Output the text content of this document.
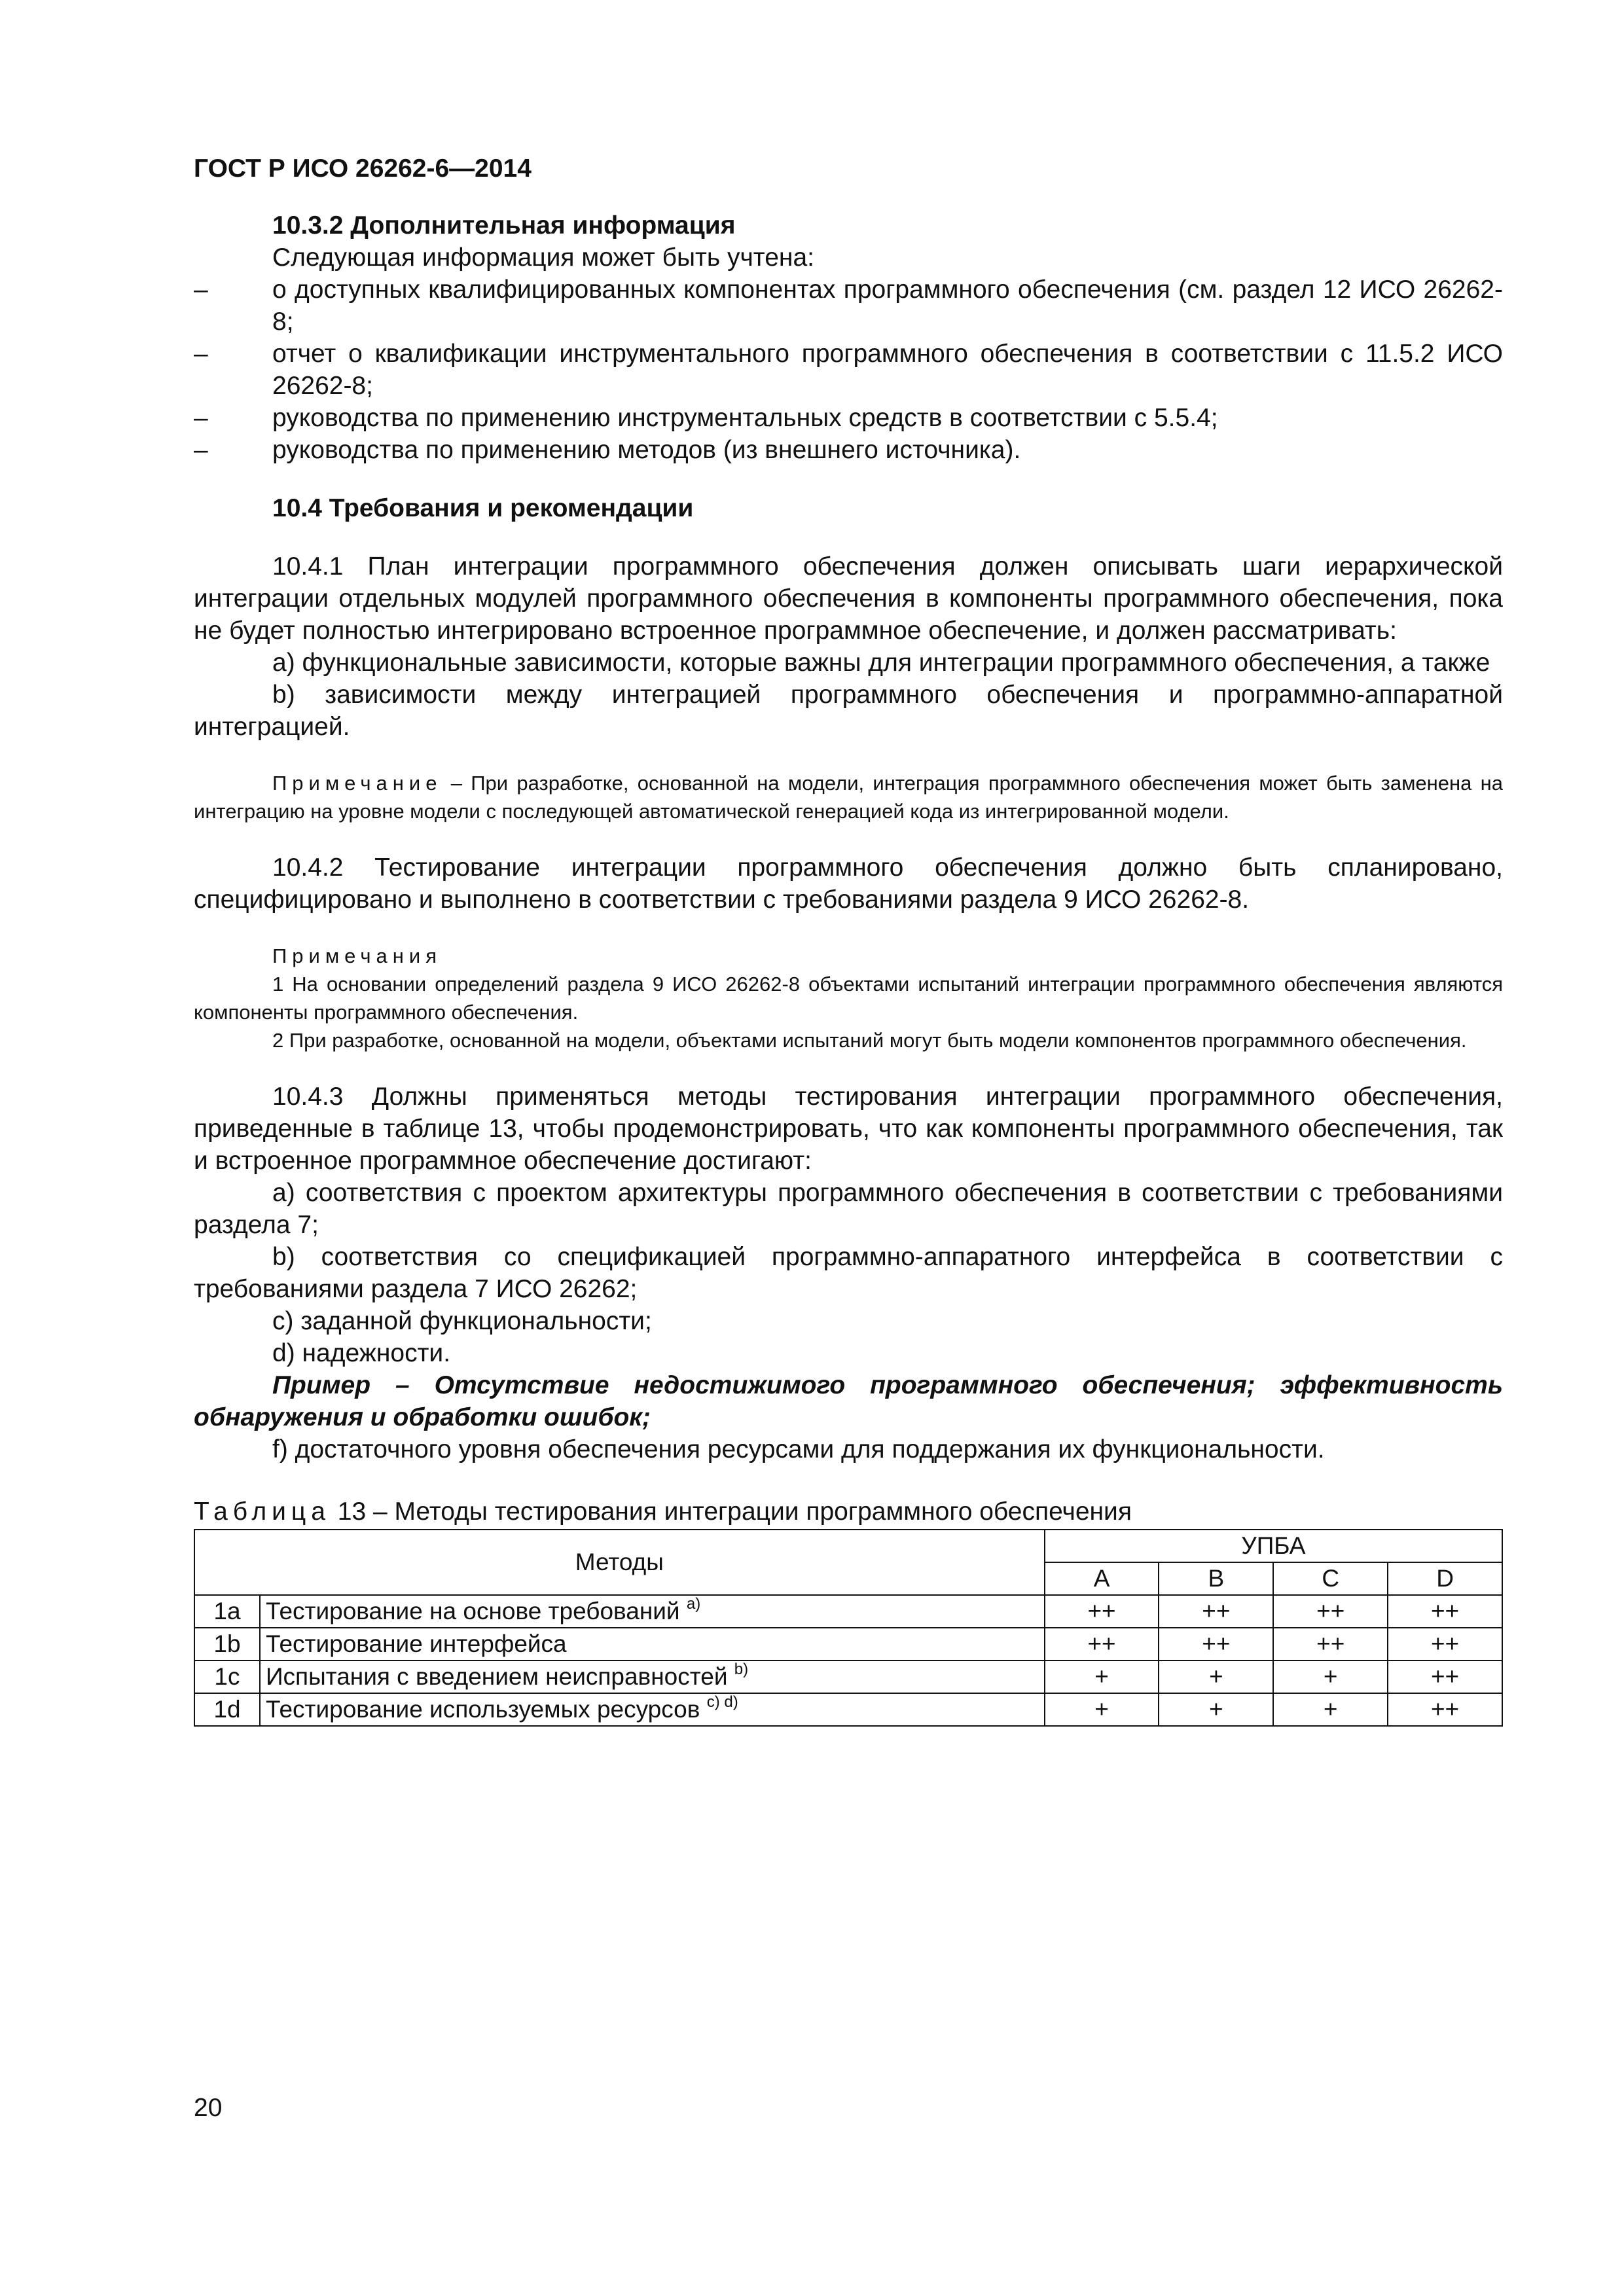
ГОСТ Р ИСО 26262-6—2014

10.3.2 Дополнительная информация

Следующая информация может быть учтена:

–	о доступных квалифицированных компонентах программного обеспечения (см. раздел 12 ИСО 26262-8;

–	отчет о квалификации инструментального программного обеспечения в соответствии с 11.5.2 ИСО 26262-8;

–	руководства по применению инструментальных средств в соответствии с 5.5.4;

–	руководства по применению методов (из внешнего источника).

10.4 Требования и рекомендации

10.4.1 План интеграции программного обеспечения должен описывать шаги иерархической интеграции отдельных модулей программного обеспечения в компоненты программного обеспечения, пока не будет полностью интегрировано встроенное программное обеспечение, и должен рассматривать:

a) функциональные зависимости, которые важны для интеграции программного обеспечения, а также

b) зависимости между интеграцией программного обеспечения и программно-аппаратной интеграцией.

Примечание – При разработке, основанной на модели, интеграция программного обеспечения может быть заменена на интеграцию на уровне модели с последующей автоматической генерацией кода из интегрированной модели.

10.4.2 Тестирование интеграции программного обеспечения должно быть спланировано, специфицировано и выполнено в соответствии с требованиями раздела 9 ИСО 26262-8.

Примечания

1 На основании определений раздела 9 ИСО 26262-8 объектами испытаний интеграции программного обеспечения являются компоненты программного обеспечения.

2 При разработке, основанной на модели, объектами испытаний могут быть модели компонентов программного обеспечения.

10.4.3 Должны применяться методы тестирования интеграции программного обеспечения, приведенные в таблице 13, чтобы продемонстрировать, что как компоненты программного обеспечения, так и встроенное программное обеспечение достигают:

a) соответствия с проектом архитектуры программного обеспечения в соответствии с требованиями раздела 7;

b) соответствия со спецификацией программно-аппаратного интерфейса в соответствии с требованиями раздела 7 ИСО 26262;

c) заданной функциональности;

d) надежности.

Пример – Отсутствие недостижимого программного обеспечения; эффективность обнаружения и обработки ошибок;

f) достаточного уровня обеспечения ресурсами для поддержания их функциональности.

Таблица 13 – Методы тестирования интеграции программного обеспечения

Методы		УПБА			
		A	B	C	D
1a	Тестирование на основе требований $^{a)}$	++	++	++	++
1b	Тестирование интерфейса	++	++	++	++
1c	Испытания с введением неисправностей $^{b)}$	+	+	+	++
1d	Тестирование используемых ресурсов $^{c) d)}$	+	+	+	++
20
